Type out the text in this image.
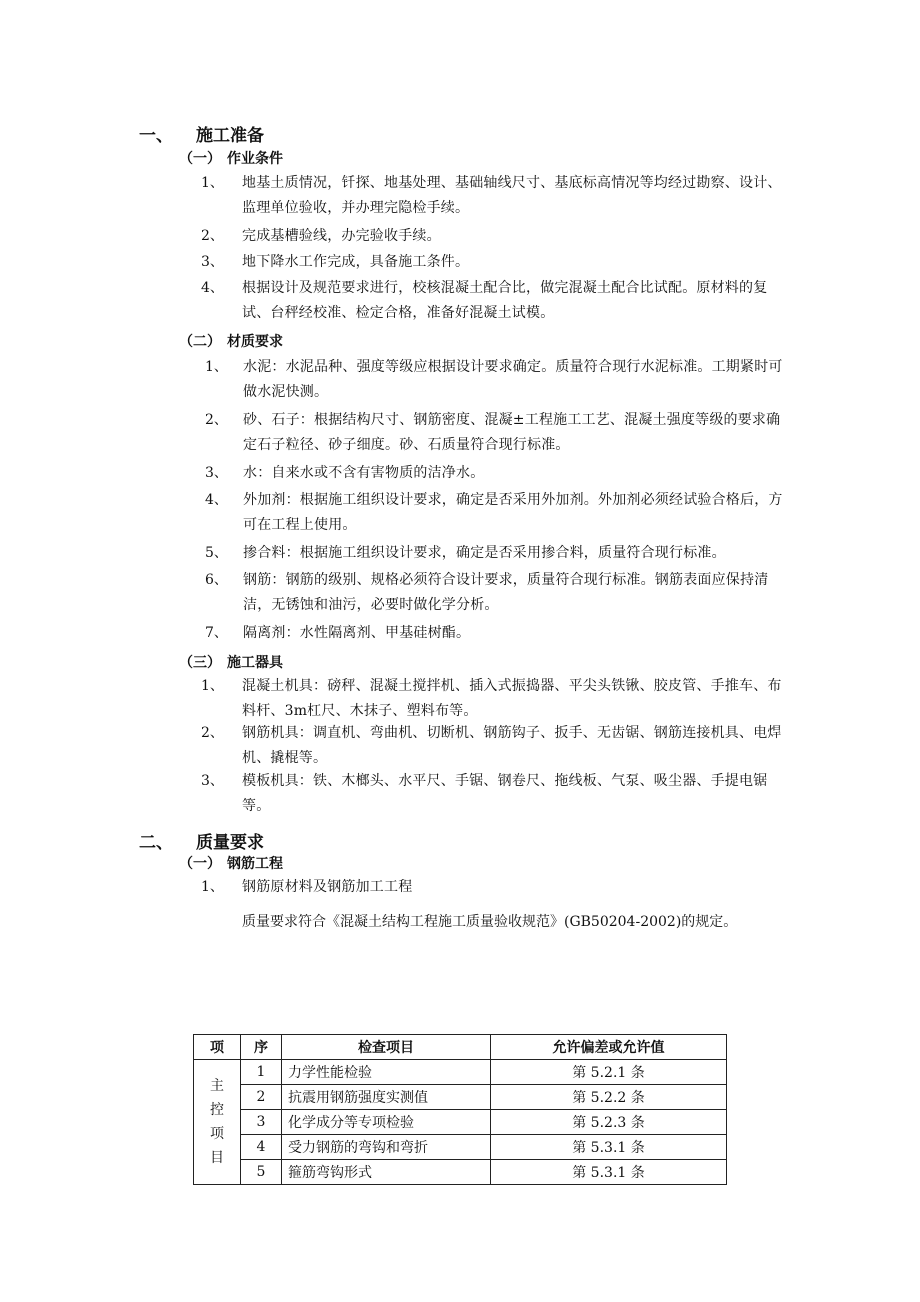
一、 施工准备
（一） 作业条件
1、 地基土质情况，钎探、地基处理、基础轴线尺寸、基底标高情况等均经过勘察、设计、监理单位验收，并办理完隐检手续。
2、 完成基槽验线，办完验收手续。
3、 地下降水工作完成，具备施工条件。
4、 根据设计及规范要求进行，校核混凝土配合比，做完混凝土配合比试配。原材料的复试、台秤经校准、检定合格，准备好混凝土试模。
（二） 材质要求
1、 水泥：水泥品种、强度等级应根据设计要求确定。质量符合现行水泥标准。工期紧时可做水泥快测。
2、 砂、石子：根据结构尺寸、钢筋密度、混凝±工程施工工艺、混凝土强度等级的要求确定石子粒径、砂子细度。砂、石质量符合现行标准。
3、 水：自来水或不含有害物质的洁净水。
4、 外加剂：根据施工组织设计要求，确定是否采用外加剂。外加剂必须经试验合格后，方可在工程上使用。
5、 掺合料：根据施工组织设计要求，确定是否采用掺合料，质量符合现行标准。
6、 钢筋：钢筋的级别、规格必须符合设计要求，质量符合现行标准。钢筋表面应保持清洁，无锈蚀和油污，必要时做化学分析。
7、 隔离剂：水性隔离剂、甲基硅树酯。
（三） 施工器具
1、 混凝土机具：磅秤、混凝土搅拌机、插入式振捣器、平尖头铁锹、胶皮管、手推车、布料杆、3m杠尺、木抹子、塑料布等。
2、 钢筋机具：调直机、弯曲机、切断机、钢筋钩子、扳手、无齿锯、钢筋连接机具、电焊机、撬棍等。
3、 模板机具：铁、木榔头、水平尺、手锯、钢卷尺、拖线板、气泵、吸尘器、手提电锯等。
二、 质量要求
（一） 钢筋工程
1、 钢筋原材料及钢筋加工工程
质量要求符合《混凝土结构工程施工质量验收规范》(GB50204-2002)的规定。
项	序	检查项目	允许偏差或允许值

主
控
项
目	1	力学性能检验	第 5.2.1 条
	2	抗震用钢筋强度实测值	第 5.2.2 条
	3	化学成分等专项检验	第 5.2.3 条
	4	受力钢筋的弯钩和弯折	第 5.3.1 条
	5	箍筋弯钩形式	第 5.3.1 条
